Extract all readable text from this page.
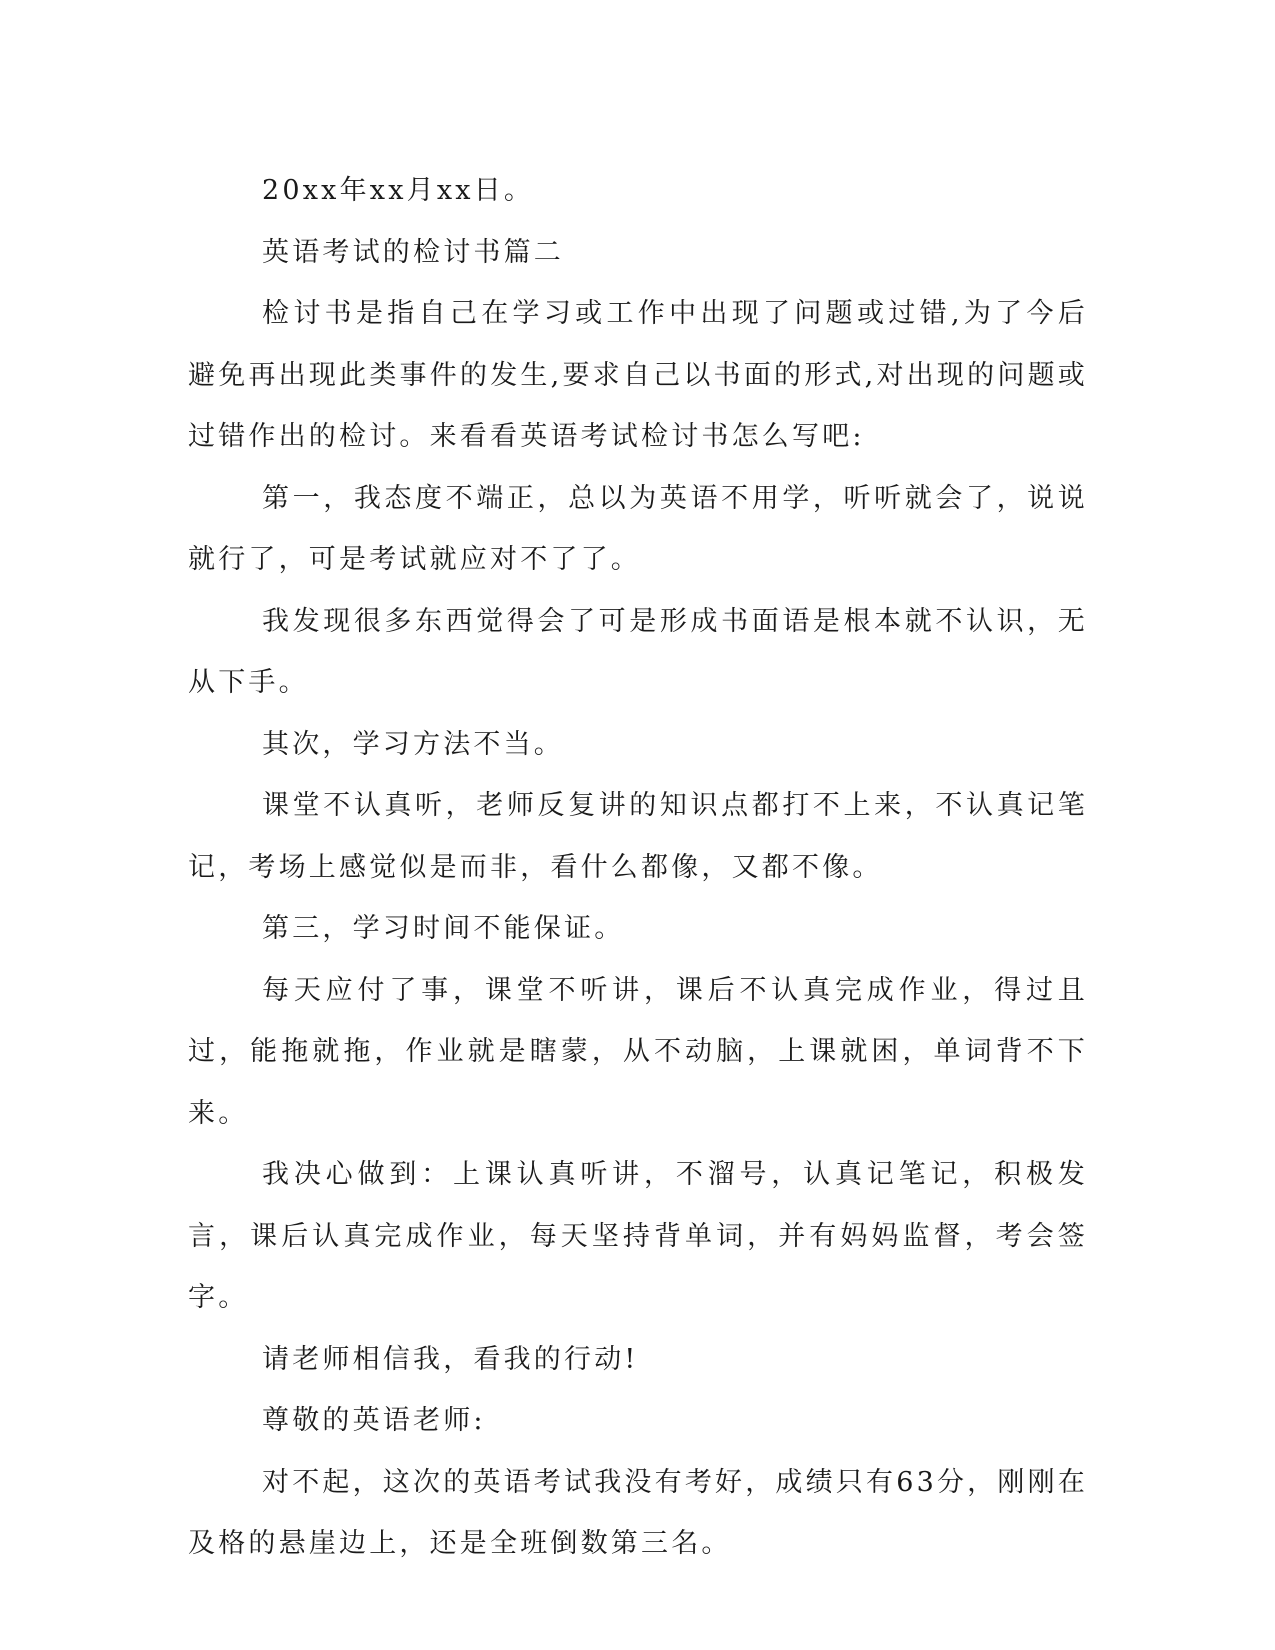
20xx年xx月xx日。

英语考试的检讨书篇二

检讨书是指自己在学习或工作中出现了问题或过错,为了今后避免再出现此类事件的发生,要求自己以书面的形式,对出现的问题或过错作出的检讨。来看看英语考试检讨书怎么写吧:

第一，我态度不端正，总以为英语不用学，听听就会了，说说就行了，可是考试就应对不了了。

我发现很多东西觉得会了可是形成书面语是根本就不认识，无从下手。

其次，学习方法不当。

课堂不认真听，老师反复讲的知识点都打不上来，不认真记笔记，考场上感觉似是而非，看什么都像，又都不像。

第三，学习时间不能保证。

每天应付了事，课堂不听讲，课后不认真完成作业，得过且过，能拖就拖，作业就是瞎蒙，从不动脑，上课就困，单词背不下来。

我决心做到：上课认真听讲，不溜号，认真记笔记，积极发言，课后认真完成作业，每天坚持背单词，并有妈妈监督，考会签字。

请老师相信我，看我的行动!

尊敬的英语老师:

对不起，这次的英语考试我没有考好，成绩只有63分，刚刚在及格的悬崖边上，还是全班倒数第三名。
